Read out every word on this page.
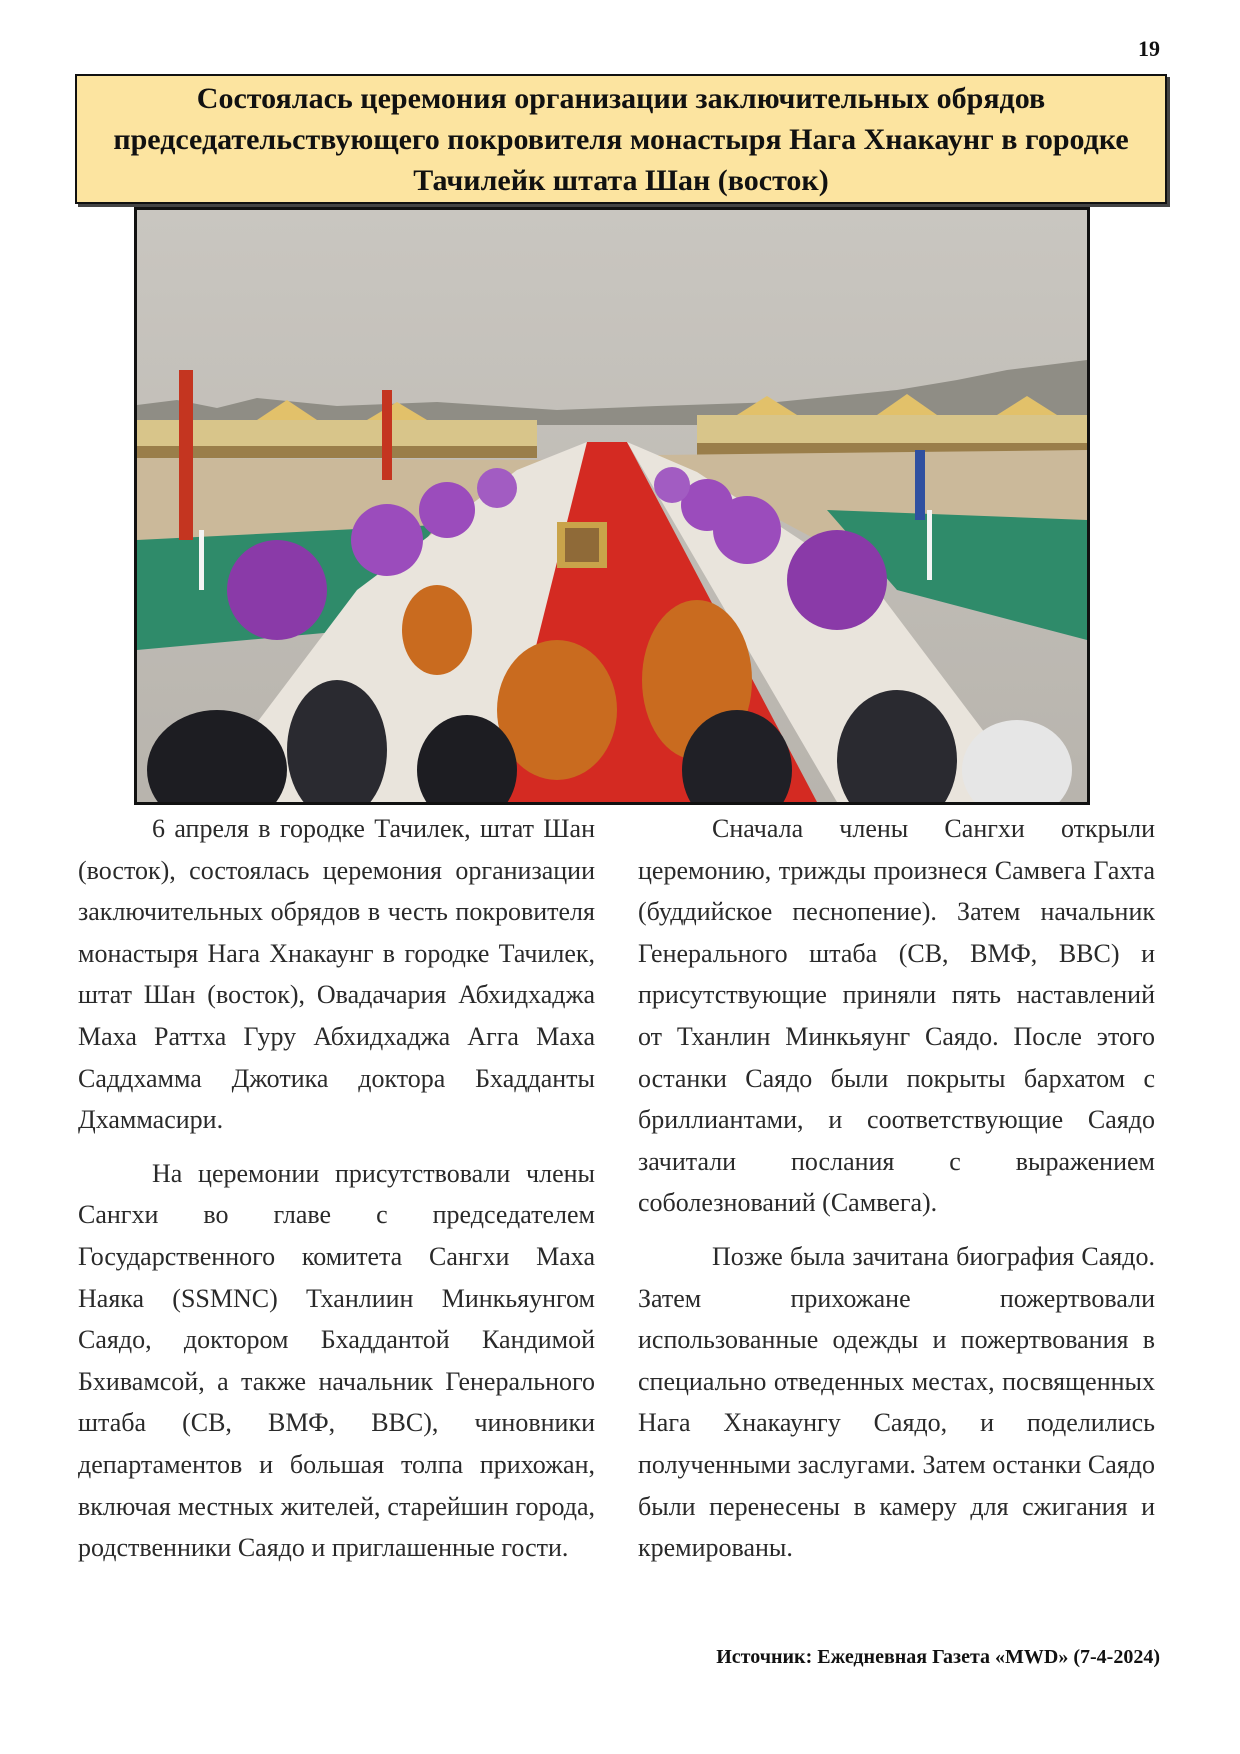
19
Состоялась церемония организации заключительных обрядов председательствующего покровителя монастыря Нага Хнакаунг в городке Тачилейк штата Шан (восток)

6 апреля в городке Тачилек, штат Шан (восток), состоялась церемония организации заключительных обрядов в честь покровителя монастыря Нага Хнакаунг в городке Тачилек, штат Шан (восток), Овадачария Абхидхаджа Маха Раттха Гуру Абхидхаджа Агга Маха Саддхамма Джотика доктора Бхадданты Дхаммасири.

На церемонии присутствовали члены Сангхи во главе с председателем Государственного комитета Сангхи Маха Наяка (SSMNC) Тханлиин Минкьяунгом Саядо, доктором Бхаддантой Кандимой Бхивамсой, а также начальник Генерального штаба (СВ, ВМФ, ВВС), чиновники департаментов и большая толпа прихожан, включая местных жителей, старейшин города, родственники Саядо и приглашенные гости.

Сначала члены Сангхи открыли церемонию, трижды произнеся Самвега Гахта (буддийское песнопение). Затем начальник Генерального штаба (СВ, ВМФ, ВВС) и присутствующие приняли пять наставлений от Тханлин Минкьяунг Саядо. После этого останки Саядо были покрыты бархатом с бриллиантами, и соответствующие Саядо зачитали послания с выражением соболезнований (Самвега).

Позже была зачитана биография Саядо. Затем прихожане пожертвовали использованные одежды и пожертвования в специально отведенных местах, посвященных Нага Хнакаунгу Саядо, и поделились полученными заслугами. Затем останки Саядо были перенесены в камеру для сжигания и кремированы.

Источник: Ежедневная Газета «MWD» (7-4-2024)
